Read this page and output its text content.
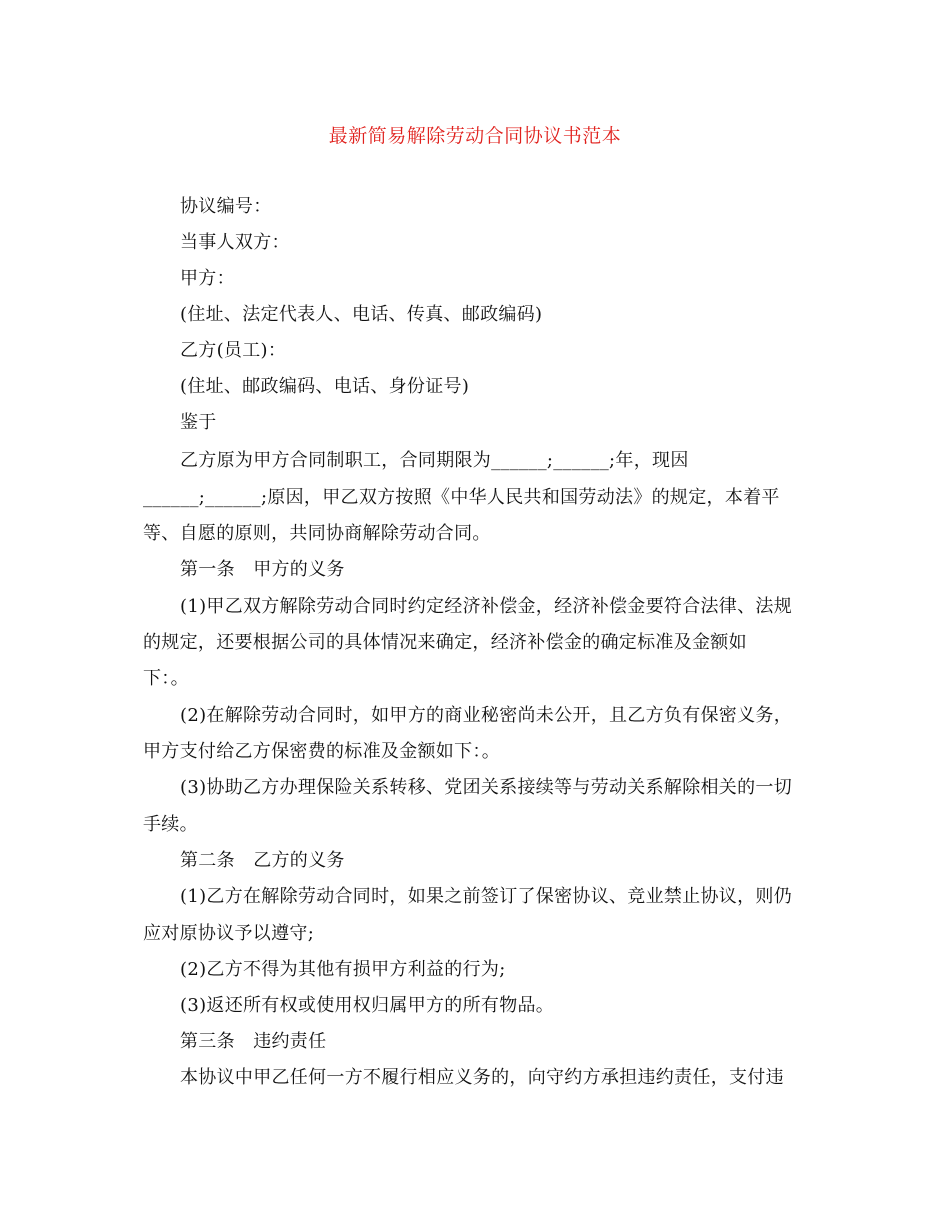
最新简易解除劳动合同协议书范本
协议编号：
当事人双方：
甲方：
(住址、法定代表人、电话、传真、邮政编码)
乙方(员工)：
(住址、邮政编码、电话、身份证号)
鉴于
乙方原为甲方合同制职工，合同期限为______;______;年，现因
______;______;原因，甲乙双方按照《中华人民共和国劳动法》的规定，本着平
等、自愿的原则，共同协商解除劳动合同。
第一条　甲方的义务
(1)甲乙双方解除劳动合同时约定经济补偿金，经济补偿金要符合法律、法规
的规定，还要根据公司的具体情况来确定，经济补偿金的确定标准及金额如
下：。
(2)在解除劳动合同时，如甲方的商业秘密尚未公开，且乙方负有保密义务，
甲方支付给乙方保密费的标准及金额如下：。
(3)协助乙方办理保险关系转移、党团关系接续等与劳动关系解除相关的一切
手续。
第二条　乙方的义务
(1)乙方在解除劳动合同时，如果之前签订了保密协议、竞业禁止协议，则仍
应对原协议予以遵守;
(2)乙方不得为其他有损甲方利益的行为;
(3)返还所有权或使用权归属甲方的所有物品。
第三条　违约责任
本协议中甲乙任何一方不履行相应义务的，向守约方承担违约责任，支付违
